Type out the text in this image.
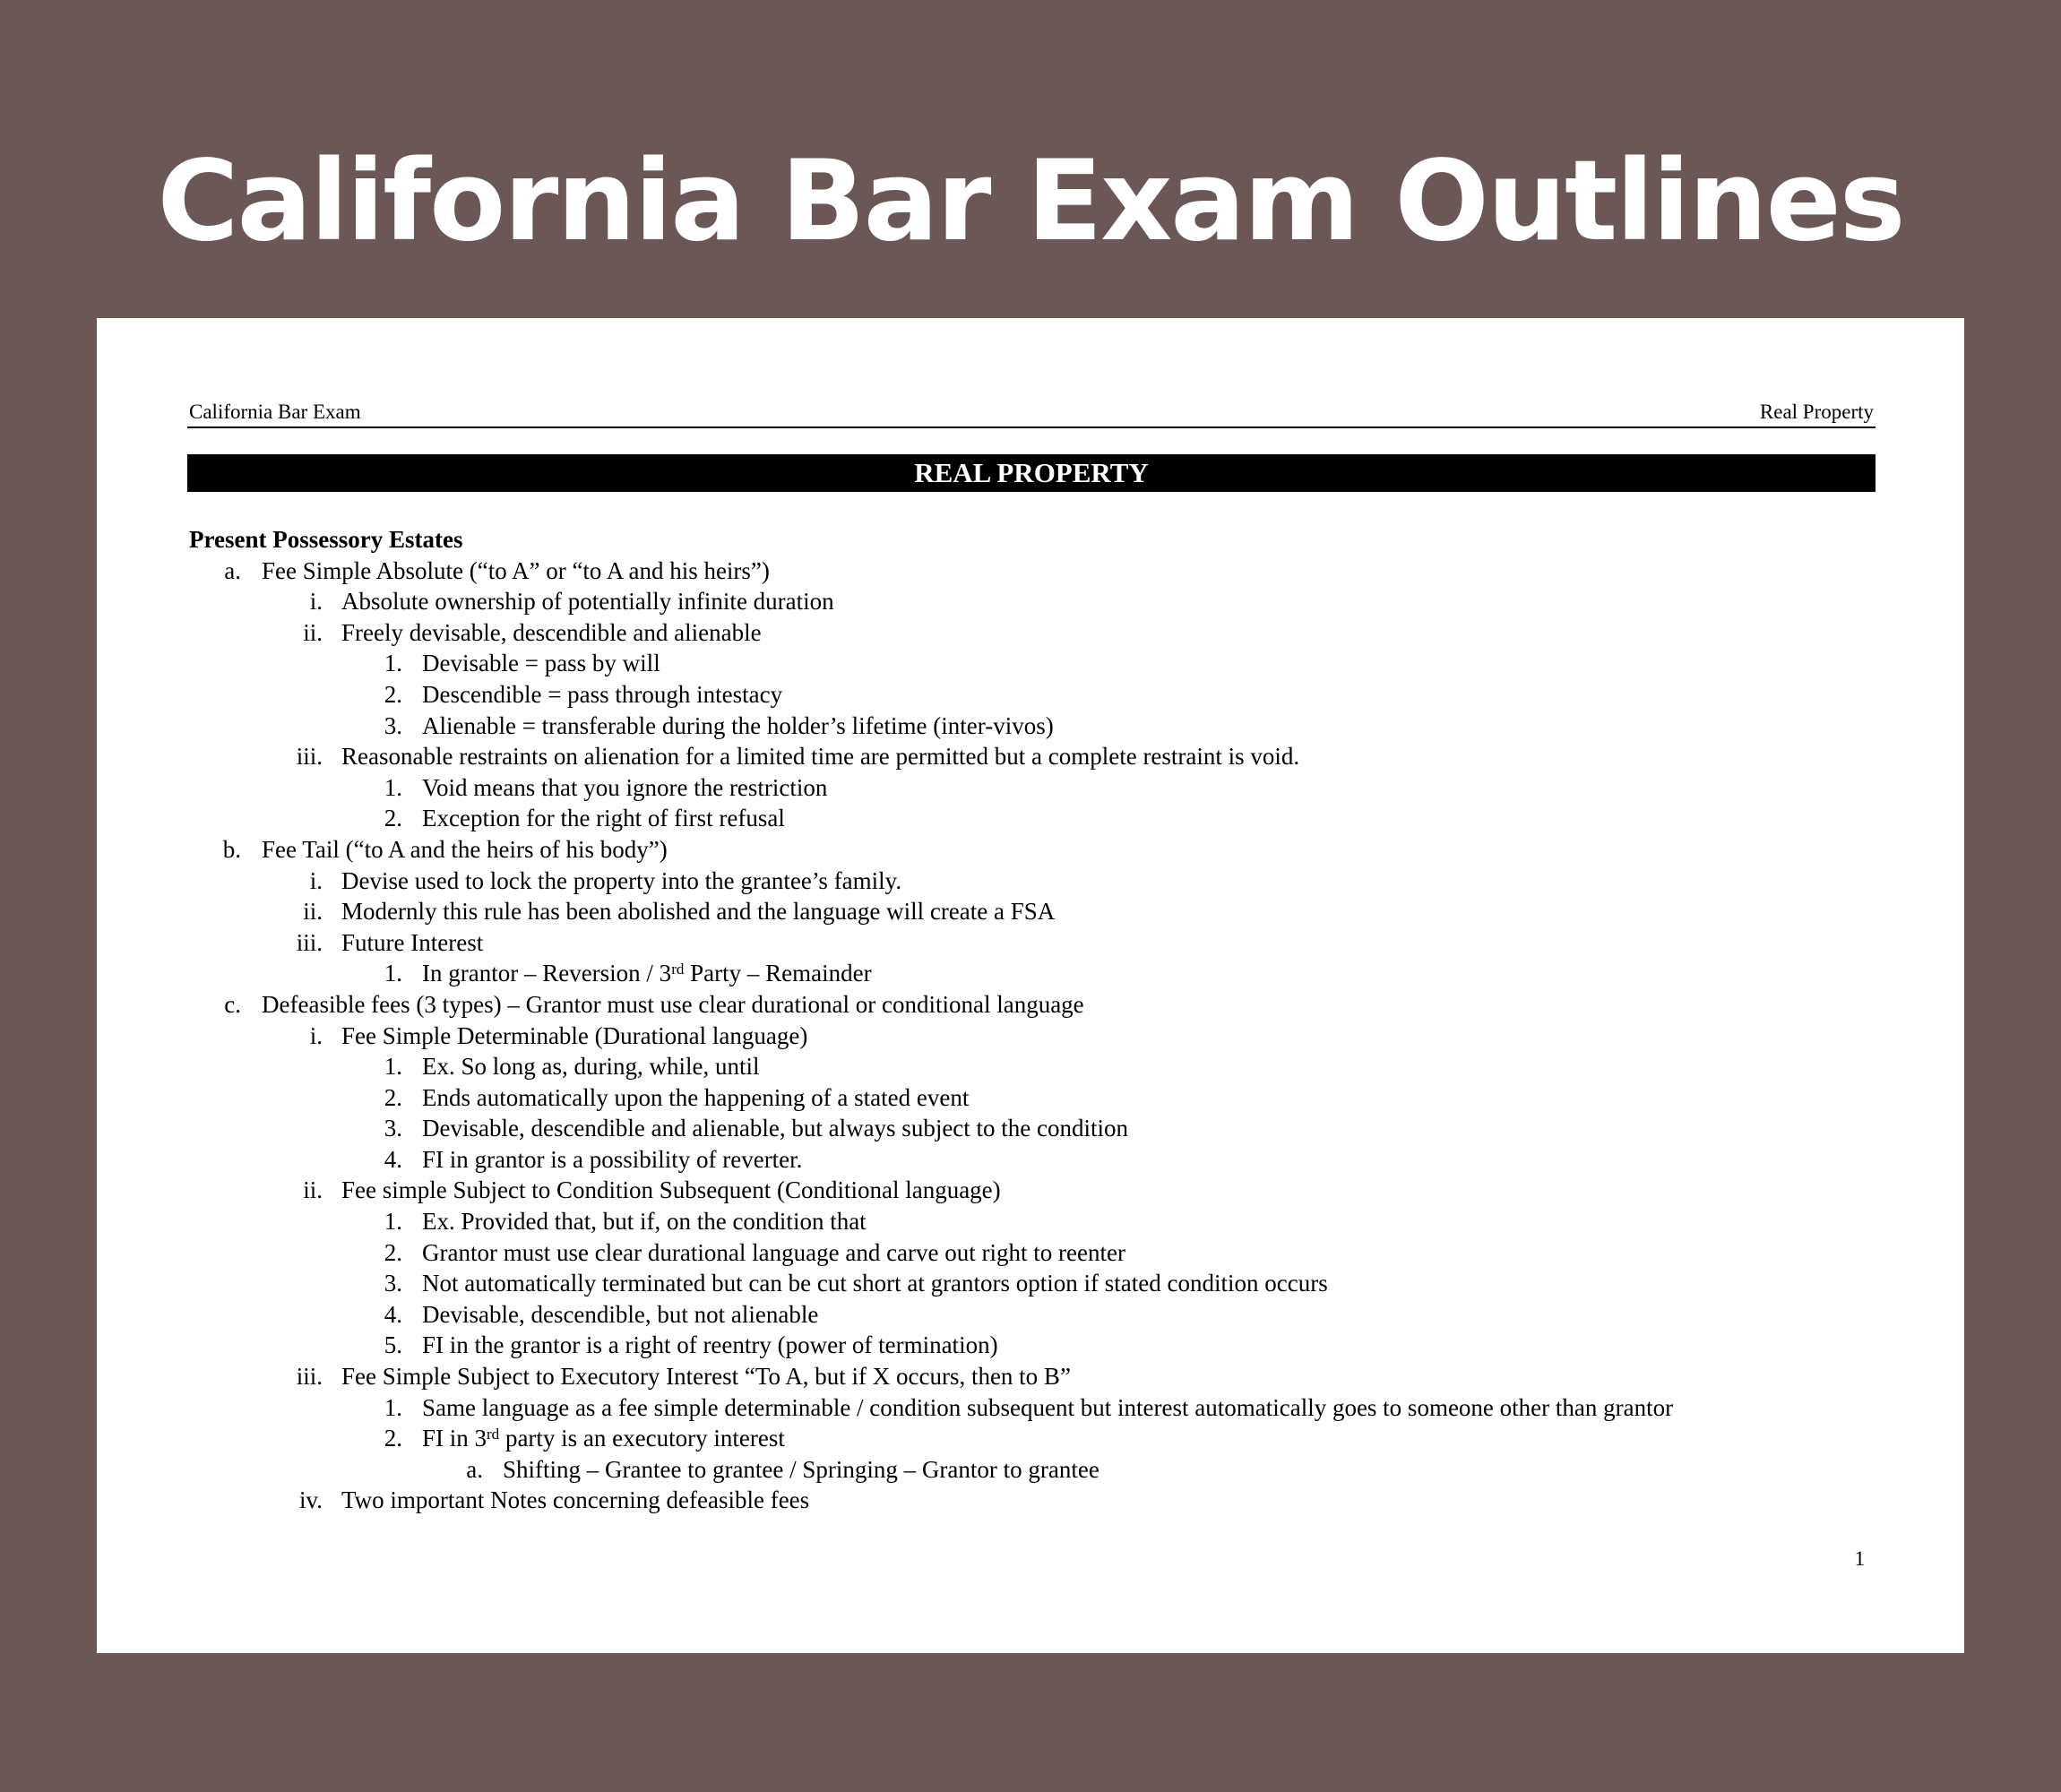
California Bar Exam Outlines
California Bar Exam	Real Property
REAL PROPERTY
Present Possessory Estates
a. Fee Simple Absolute (“to A” or “to A and his heirs”)
i. Absolute ownership of potentially infinite duration
ii. Freely devisable, descendible and alienable
1. Devisable = pass by will
2. Descendible = pass through intestacy
3. Alienable = transferable during the holder’s lifetime (inter-vivos)
iii. Reasonable restraints on alienation for a limited time are permitted but a complete restraint is void.
1. Void means that you ignore the restriction
2. Exception for the right of first refusal
b. Fee Tail (“to A and the heirs of his body”)
i. Devise used to lock the property into the grantee’s family.
ii. Modernly this rule has been abolished and the language will create a FSA
iii. Future Interest
1. In grantor – Reversion / 3rd Party – Remainder
c. Defeasible fees (3 types) – Grantor must use clear durational or conditional language
i. Fee Simple Determinable (Durational language)
1. Ex. So long as, during, while, until
2. Ends automatically upon the happening of a stated event
3. Devisable, descendible and alienable, but always subject to the condition
4. FI in grantor is a possibility of reverter.
ii. Fee simple Subject to Condition Subsequent (Conditional language)
1. Ex. Provided that, but if, on the condition that
2. Grantor must use clear durational language and carve out right to reenter
3. Not automatically terminated but can be cut short at grantors option if stated condition occurs
4. Devisable, descendible, but not alienable
5. FI in the grantor is a right of reentry (power of termination)
iii. Fee Simple Subject to Executory Interest “To A, but if X occurs, then to B”
1. Same language as a fee simple determinable / condition subsequent but interest automatically goes to someone other than grantor
2. FI in 3rd party is an executory interest
a. Shifting – Grantee to grantee / Springing – Grantor to grantee
iv. Two important Notes concerning defeasible fees
1
